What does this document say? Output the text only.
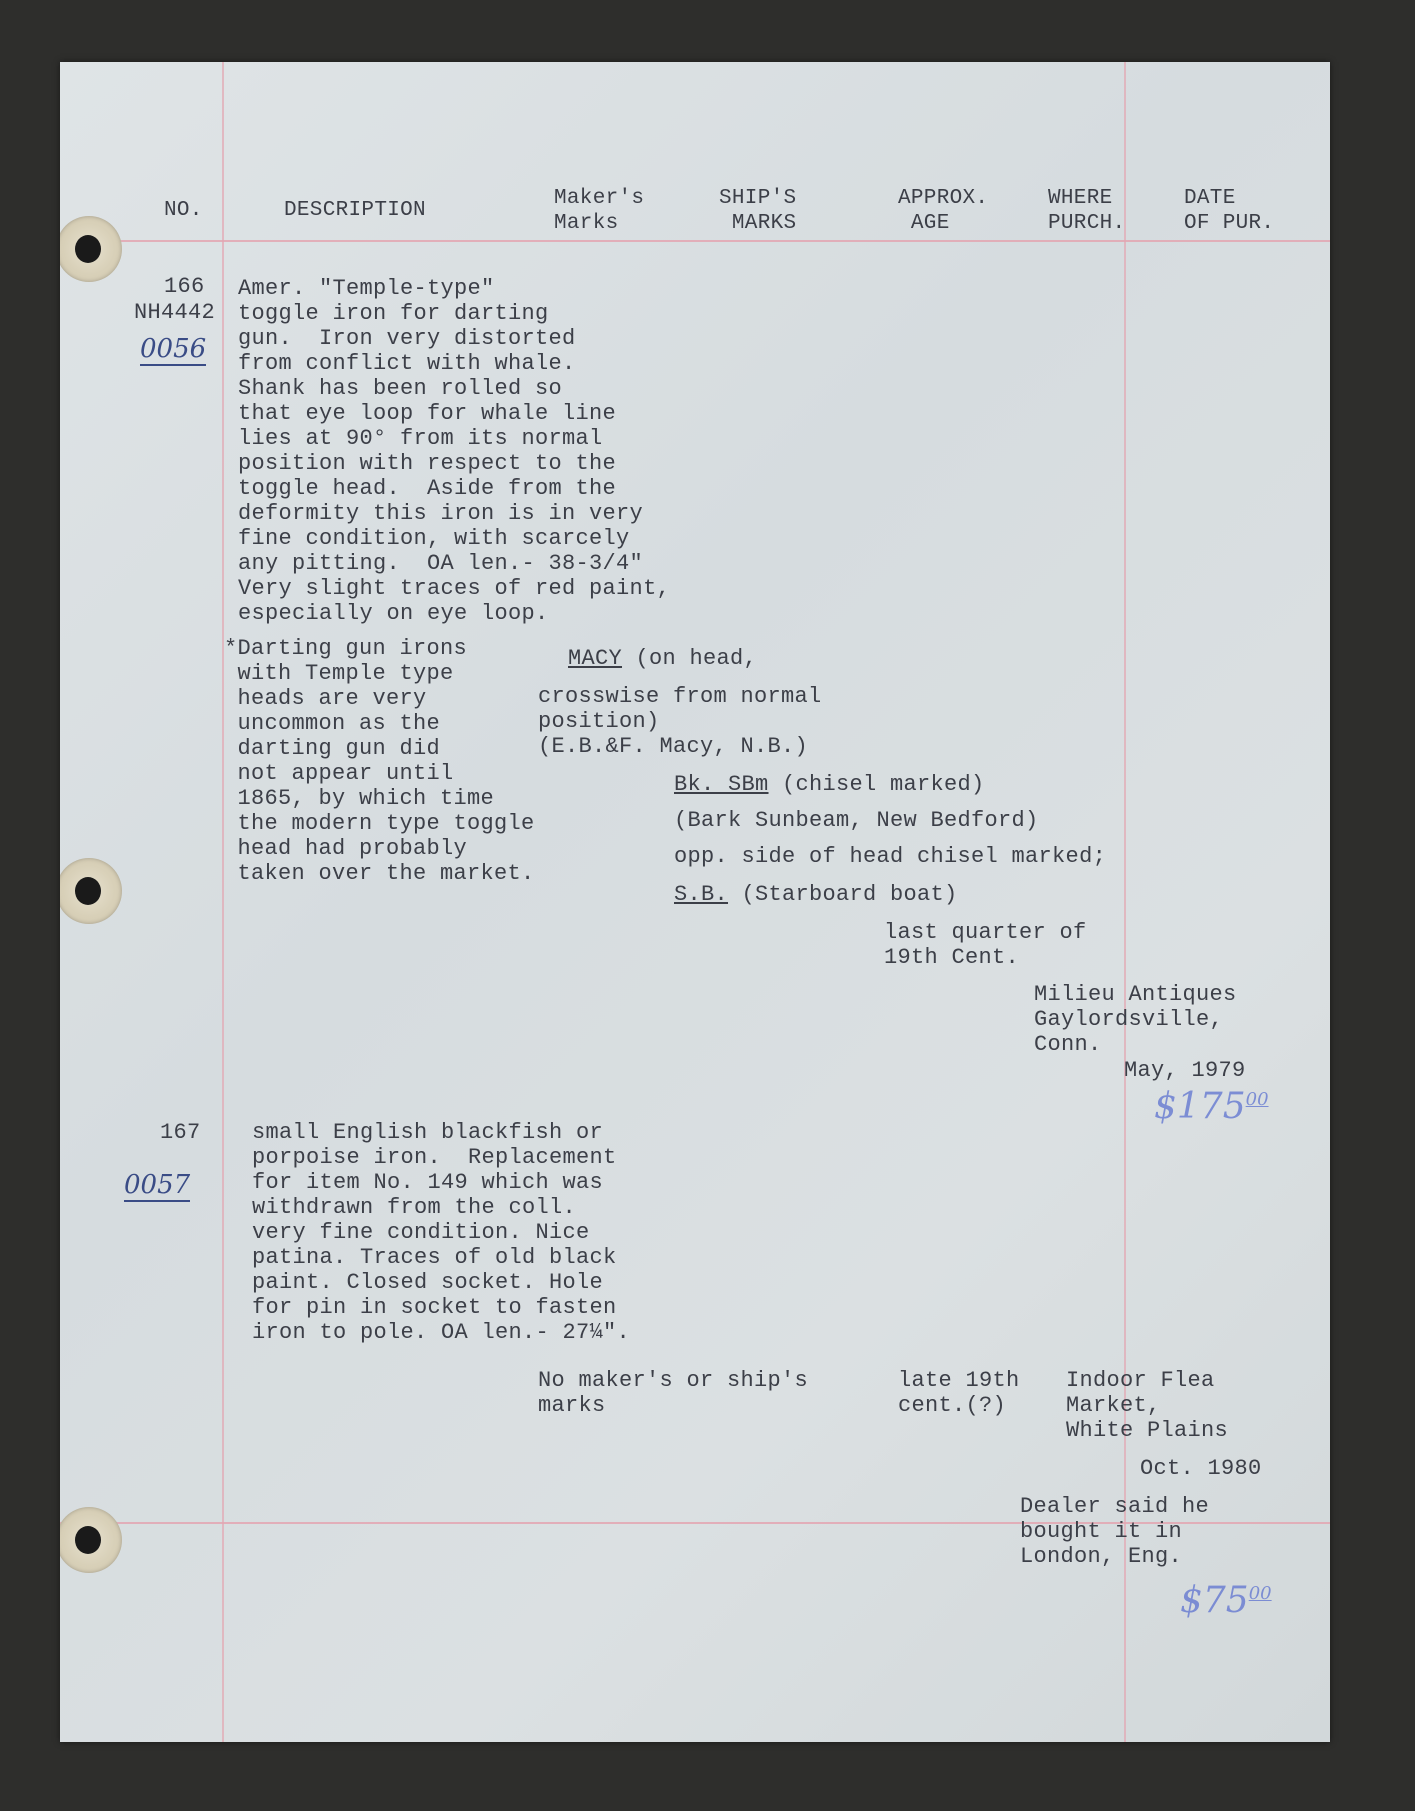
NO.	DESCRIPTION
Maker's
Marks
SHIP'S
MARKS
APPROX.
AGE
WHERE
PURCH.
DATE
OF PUR.
166
NH4442
0056
Amer. "Temple-type"
toggle iron for darting
gun.  Iron very distorted
from conflict with whale.
Shank has been rolled so
that eye loop for whale line
lies at 90° from its normal
position with respect to the
toggle head.  Aside from the
deformity this iron is in very
fine condition, with scarcely
any pitting.  OA len.- 38-3/4"
Very slight traces of red paint,
especially on eye loop.
*Darting gun irons
with Temple type
heads are very
uncommon as the
darting gun did
not appear until
1865, by which time
the modern type toggle
head had probably
taken over the market.
MACY (on head,
crosswise from normal
position)
(E.B.&F. Macy, N.B.)
Bk. SBm (chisel marked)
(Bark Sunbeam, New Bedford)
opp. side of head chisel marked;
S.B. (Starboard boat)
last quarter of
19th Cent.
Milieu Antiques
Gaylordsville,
Conn.
May, 1979
$\$175^{00}$
167
0057
small English blackfish or
porpoise iron.  Replacement
for item No. 149 which was
withdrawn from the coll.
very fine condition. Nice
patina. Traces of old black
paint. Closed socket. Hole
for pin in socket to fasten
iron to pole. OA len.- 27¼".
No maker's or ship's
marks
late 19th
cent.(?)
Indoor Flea
Market,
White Plains
Oct. 1980
Dealer said he
bought it in
London, Eng.
$\$75^{00}$
